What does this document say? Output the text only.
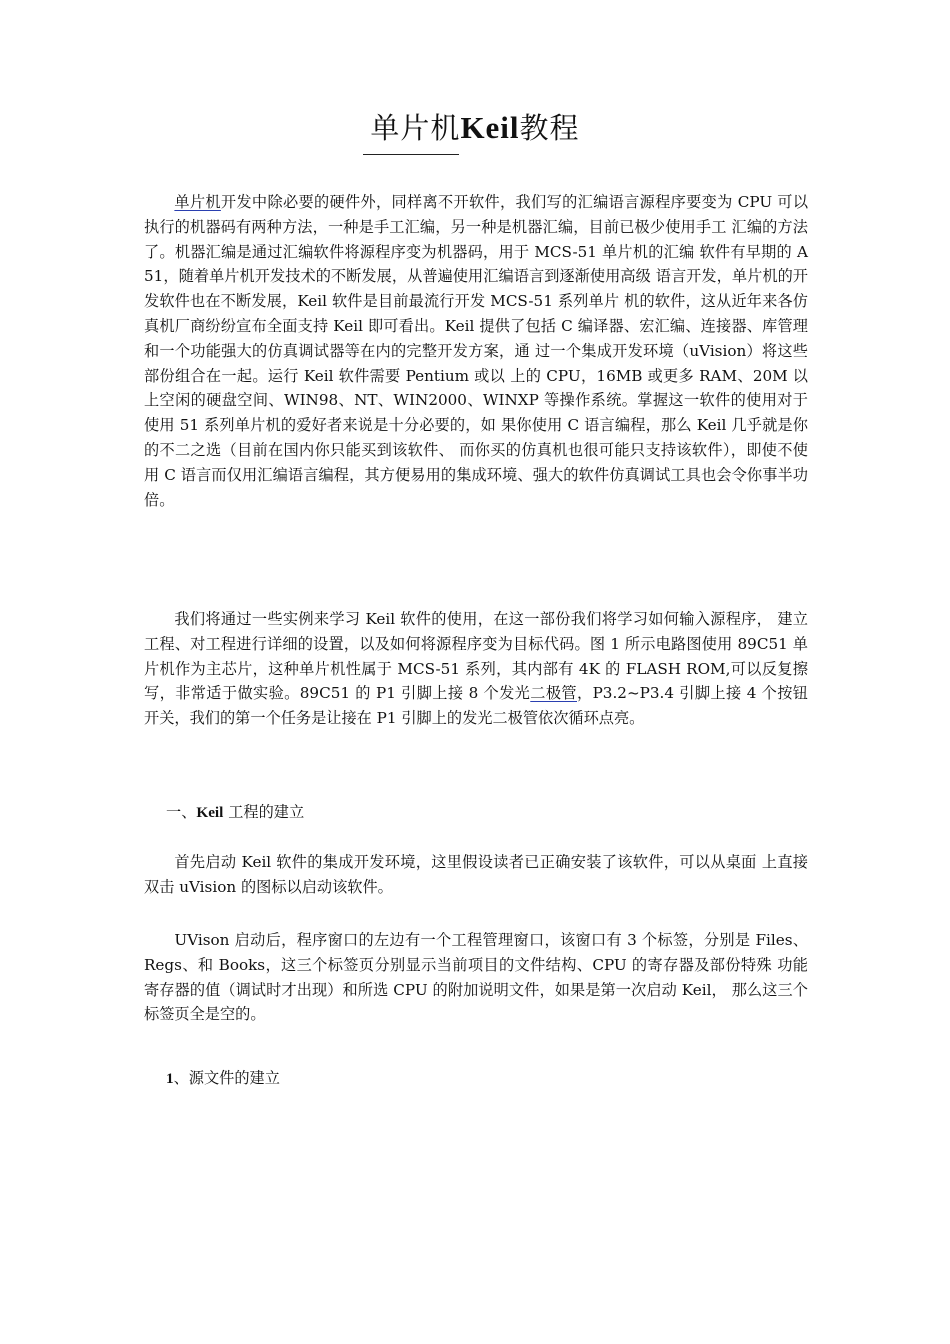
单片机Keil教程

单片机开发中除必要的硬件外，同样离不开软件，我们写的汇编语言源程序要变为 CPU 可以执行的机器码有两种方法，一种是手工汇编，另一种是机器汇编，目前已极少使用手工 汇编的方法了。机器汇编是通过汇编软件将源程序变为机器码，用于 MCS-51 单片机的汇编 软件有早期的 A51，随着单片机开发技术的不断发展，从普遍使用汇编语言到逐渐使用高级 语言开发，单片机的开发软件也在不断发展，Keil 软件是目前最流行开发 MCS-51 系列单片 机的软件，这从近年来各仿真机厂商纷纷宣布全面支持 Keil 即可看出。Keil 提供了包括 C 编译器、宏汇编、连接器、库管理和一个功能强大的仿真调试器等在内的完整开发方案，通 过一个集成开发环境（uVision）将这些部份组合在一起。运行 Keil 软件需要 Pentium 或以 上的 CPU，16MB 或更多 RAM、20M 以上空闲的硬盘空间、WIN98、NT、WIN2000、WINXP 等操作系统。掌握这一软件的使用对于使用 51 系列单片机的爱好者来说是十分必要的，如 果你使用 C 语言编程，那么 Keil 几乎就是你的不二之选（目前在国内你只能买到该软件、 而你买的仿真机也很可能只支持该软件），即使不使用 C 语言而仅用汇编语言编程，其方便易用的集成环境、强大的软件仿真调试工具也会令你事半功倍。

我们将通过一些实例来学习 Keil 软件的使用，在这一部份我们将学习如何输入源程序， 建立工程、对工程进行详细的设置，以及如何将源程序变为目标代码。图 1 所示电路图使用 89C51 单片机作为主芯片，这种单片机性属于 MCS-51 系列，其内部有 4K 的 FLASH ROM,可以反复擦写，非常适于做实验。89C51 的 P1 引脚上接 8 个发光二极管，P3.2~P3.4 引脚上接 4 个按钮开关，我们的第一个任务是让接在 P1 引脚上的发光二极管依次循环点亮。

一、Keil 工程的建立

首先启动 Keil 软件的集成开发环境，这里假设读者已正确安装了该软件，可以从桌面 上直接双击 uVision 的图标以启动该软件。

UVison 启动后，程序窗口的左边有一个工程管理窗口，该窗口有 3 个标签，分别是 Files、Regs、和 Books，这三个标签页分别显示当前项目的文件结构、CPU 的寄存器及部份特殊 功能寄存器的值（调试时才出现）和所选 CPU 的附加说明文件，如果是第一次启动 Keil， 那么这三个标签页全是空的。

1、源文件的建立
